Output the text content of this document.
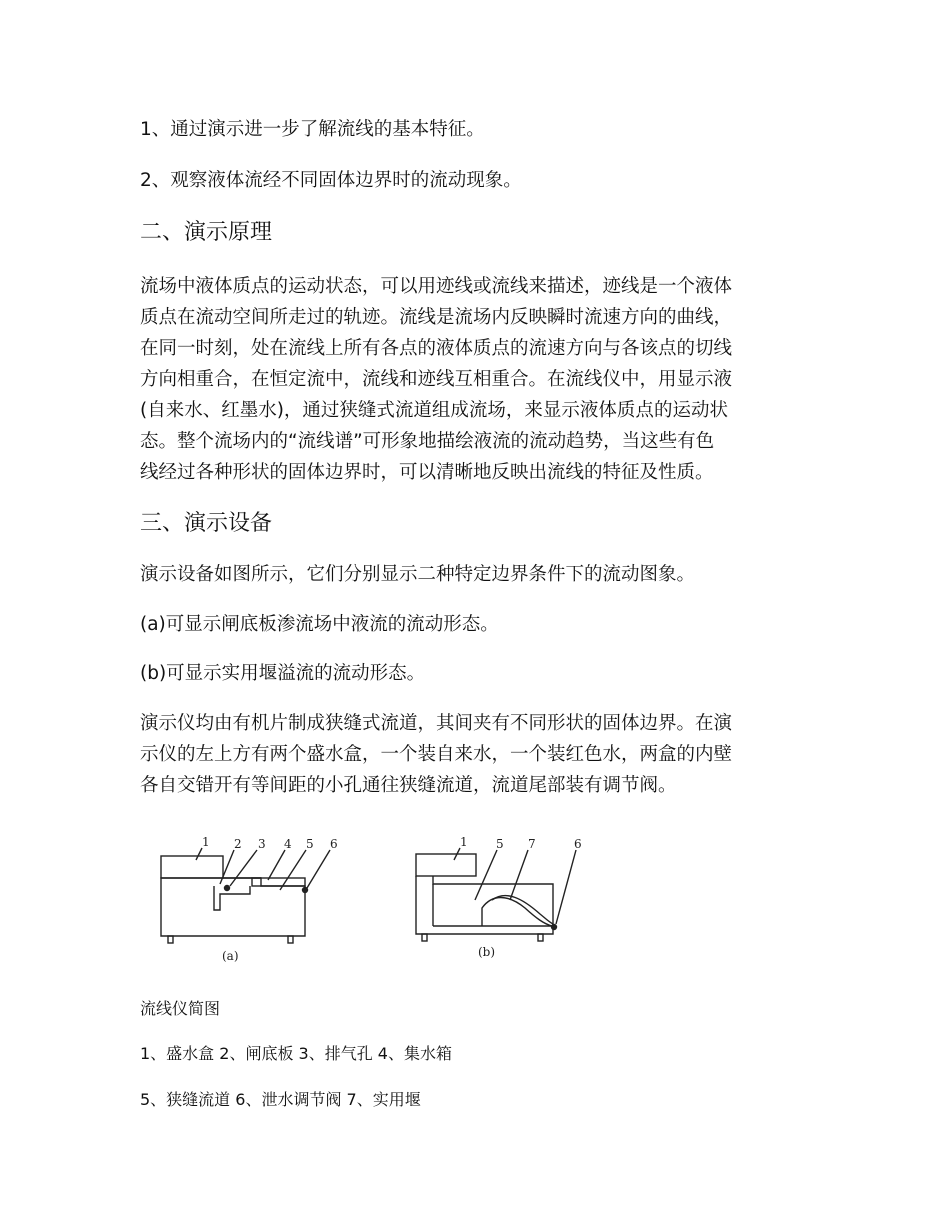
1、通过演示进一步了解流线的基本特征。
2、观察液体流经不同固体边界时的流动现象。
二、演示原理
流场中液体质点的运动状态，可以用迹线或流线来描述，迹线是一个液体
质点在流动空间所走过的轨迹。流线是流场内反映瞬时流速方向的曲线，
在同一时刻，处在流线上所有各点的液体质点的流速方向与各该点的切线
方向相重合，在恒定流中，流线和迹线互相重合。在流线仪中，用显示液
(自来水、红墨水)，通过狭缝式流道组成流场，来显示液体质点的运动状
态。整个流场内的“流线谱”可形象地描绘液流的流动趋势，当这些有色
线经过各种形状的固体边界时，可以清晰地反映出流线的特征及性质。
三、演示设备
演示设备如图所示，它们分别显示二种特定边界条件下的流动图象。
(a)可显示闸底板渗流场中液流的流动形态。
(b)可显示实用堰溢流的流动形态。
演示仪均由有机片制成狭缝式流道，其间夹有不同形状的固体边界。在演
示仪的左上方有两个盛水盒，一个装自来水，一个装红色水，两盒的内壁
各自交错开有等间距的小孔通往狭缝流道，流道尾部装有调节阀。
1 2 3 4 5 6
(a)
1 5 7	6
(b)
流线仪简图
1、盛水盒 2、闸底板 3、排气孔 4、集水箱
5、狭缝流道 6、泄水调节阀 7、实用堰
